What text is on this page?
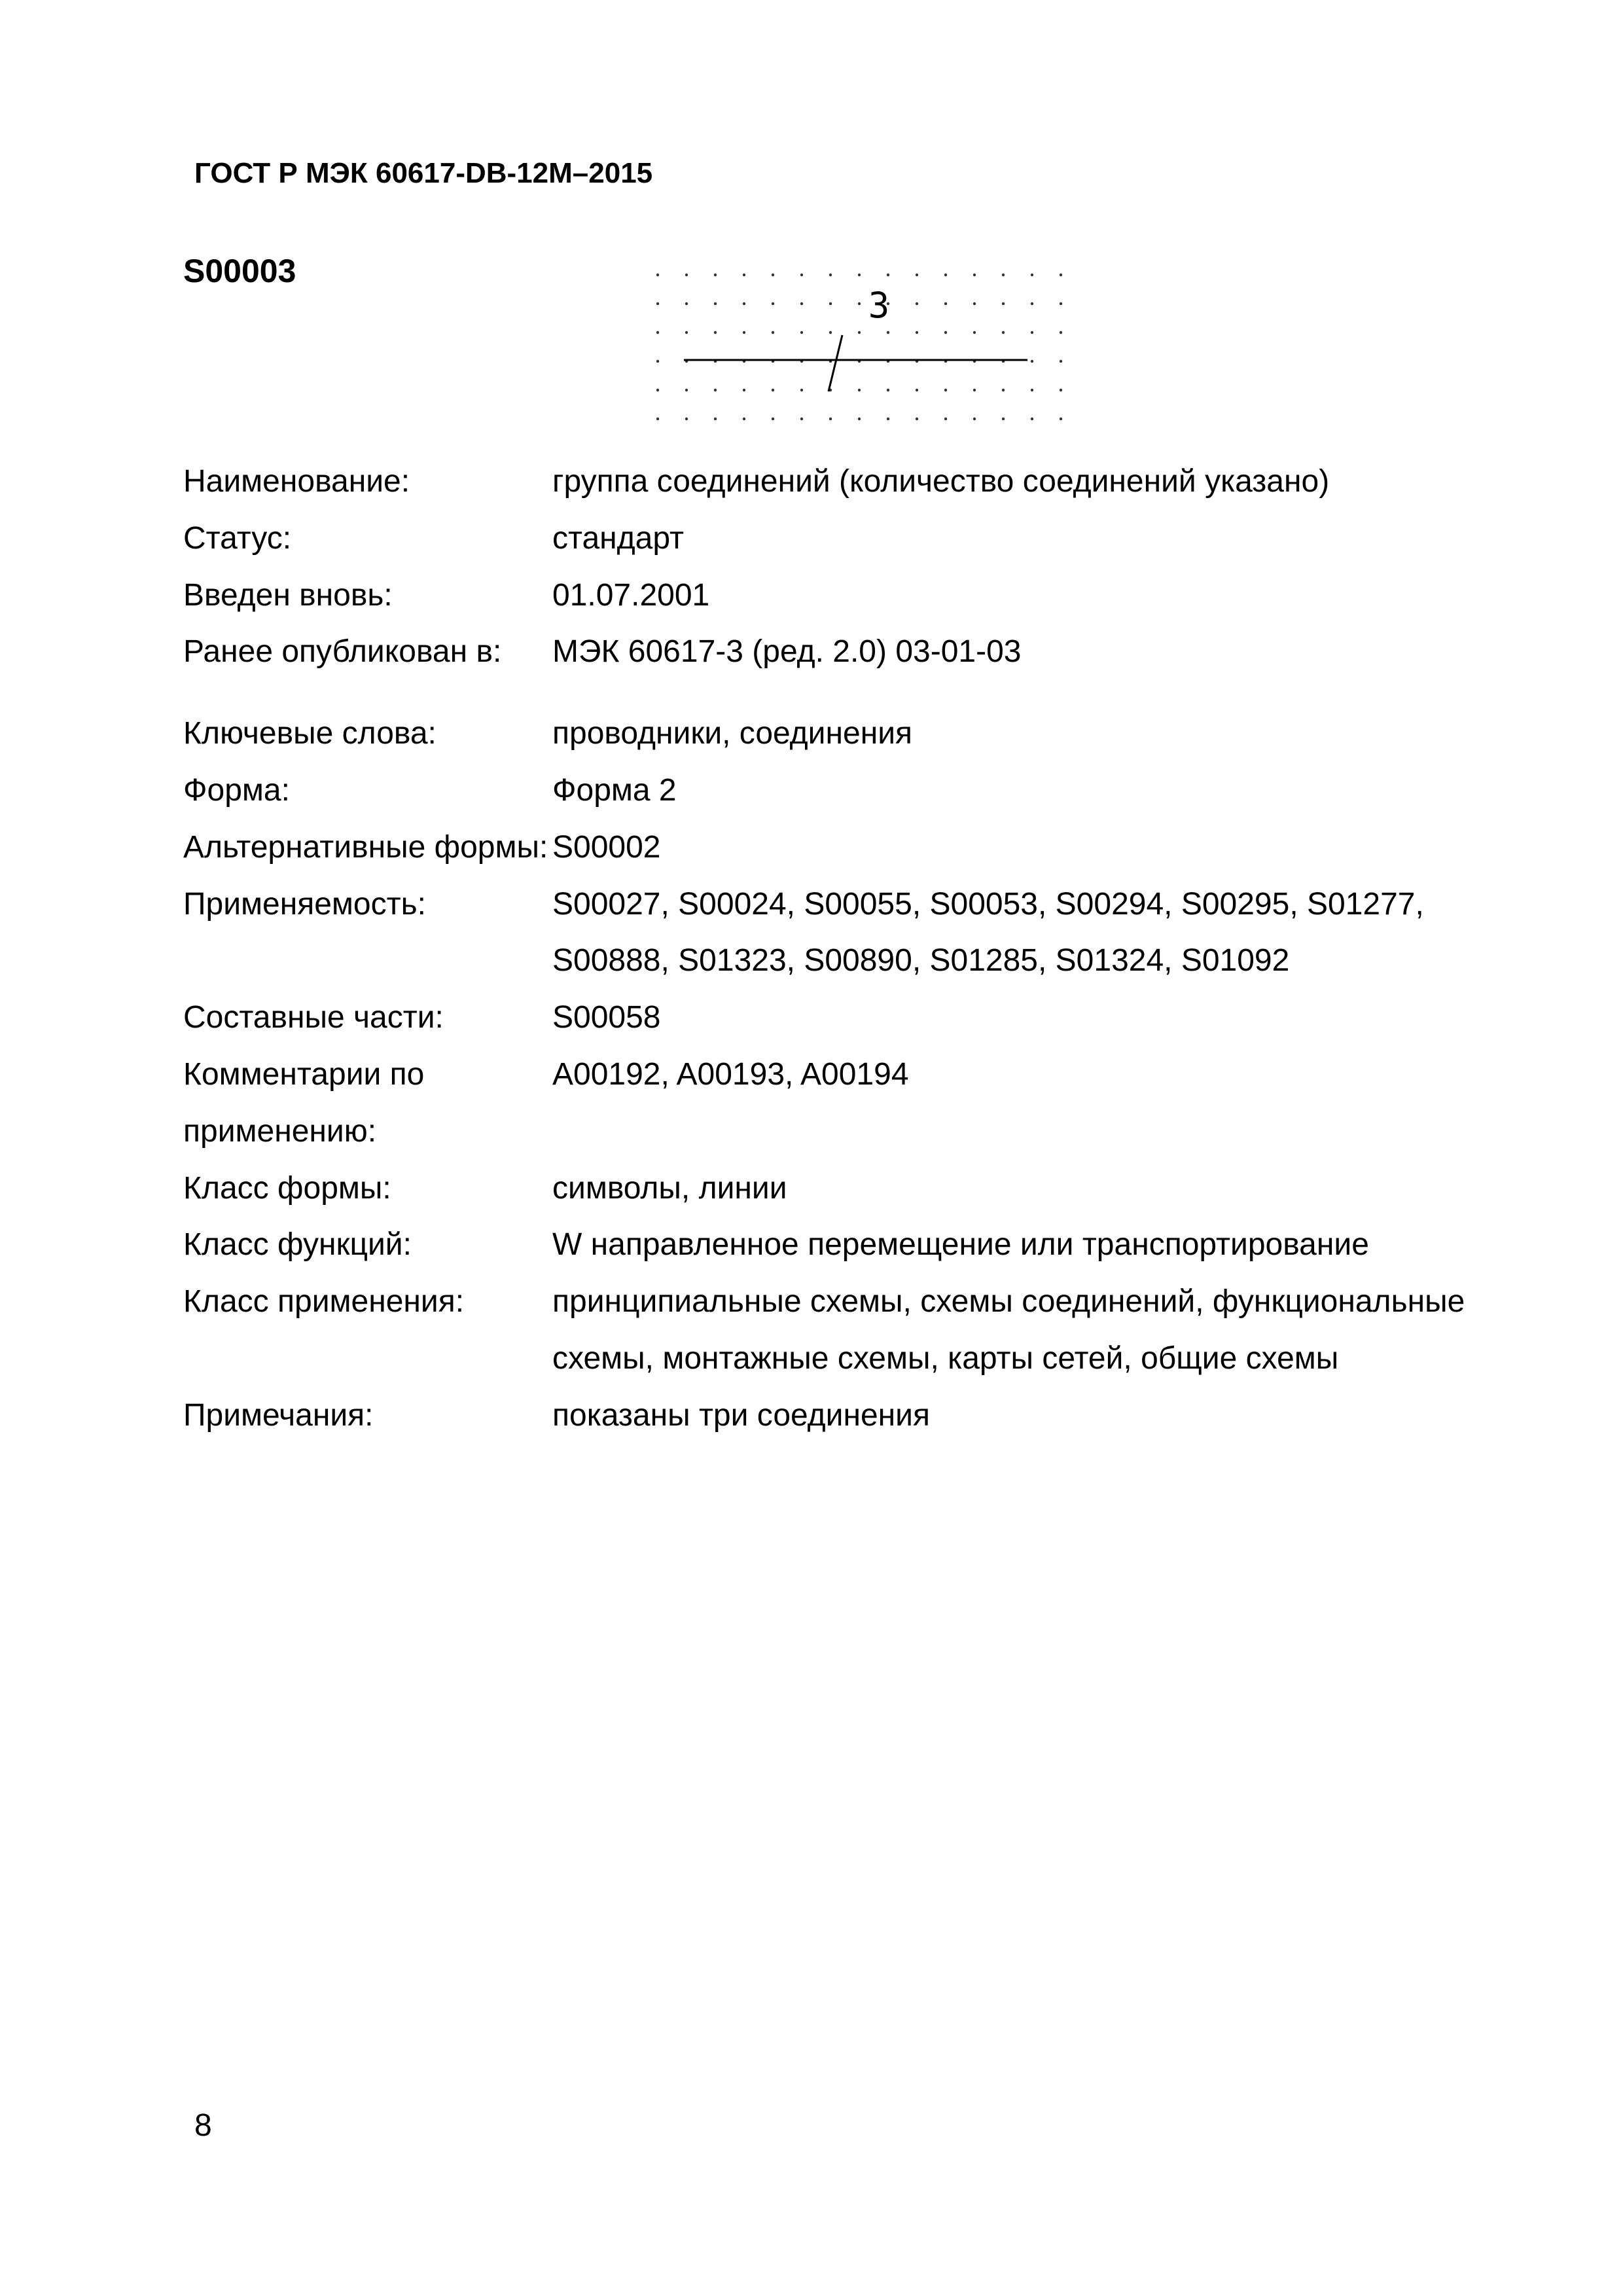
ГОСТ Р МЭК 60617-DB-12M–2015
S00003
3
Наименование:	группа соединений (количество соединений указано)
Статус:	стандарт
Введен вновь:	01.07.2001
Ранее опубликован в:	МЭК 60617-3 (ред. 2.0) 03-01-03
Ключевые слова:	проводники, соединения
Форма:	Форма 2
Альтернативные формы: S00002
Применяемость:	S00027, S00024, S00055, S00053, S00294, S00295, S01277, S00888, S01323, S00890, S01285, S01324, S01092
Составные части:	S00058
Комментарии по применению:
A00192, A00193, A00194
Класс формы:	символы, линии
Класс функций:	W направленное перемещение или транспортирование
Класс применения:	принципиальные схемы, схемы соединений, функциональные схемы, монтажные схемы, карты сетей, общие схемы
Примечания:	показаны три соединения
8
